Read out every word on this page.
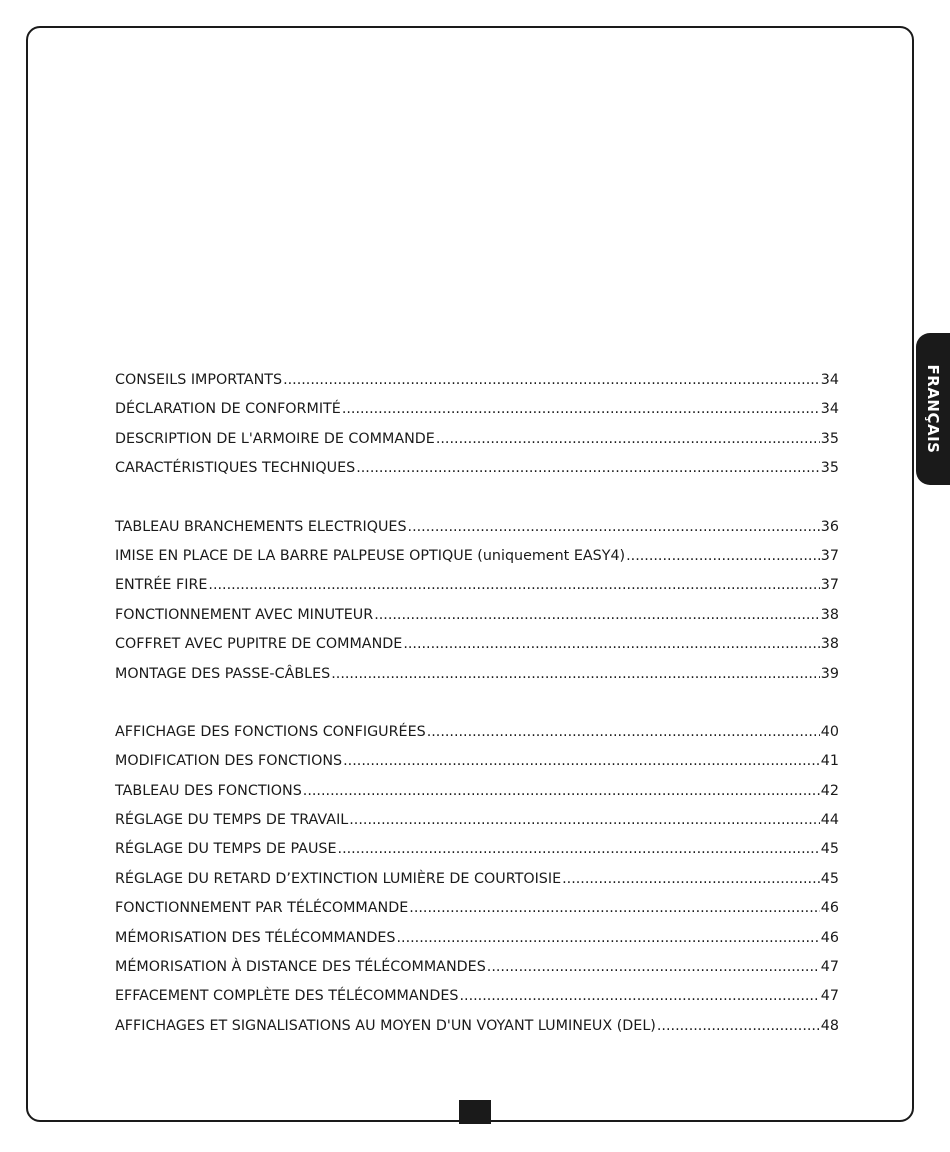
FRANÇAIS
CONSEILS IMPORTANTS .....	34
DÉCLARATION DE CONFORMITÉ .....	34
DESCRIPTION DE L'ARMOIRE DE COMMANDE .....	35
CARACTÉRISTIQUES TECHNIQUES .....	35
TABLEAU BRANCHEMENTS ELECTRIQUES .....	36
IMISE EN PLACE DE LA BARRE PALPEUSE OPTIQUE (uniquement EASY4) .....	37
ENTRÉE FIRE .....	37
FONCTIONNEMENT AVEC MINUTEUR .....	38
COFFRET AVEC PUPITRE DE COMMANDE .....	38
MONTAGE DES PASSE-CÂBLES .....	39
AFFICHAGE DES FONCTIONS CONFIGURÉES .....	40
MODIFICATION DES FONCTIONS .....	41
TABLEAU DES FONCTIONS .....	42
RÉGLAGE DU TEMPS DE TRAVAIL .....	44
RÉGLAGE DU TEMPS DE PAUSE .....	45
RÉGLAGE DU RETARD D’EXTINCTION LUMIÈRE DE COURTOISIE .....	45
FONCTIONNEMENT PAR TÉLÉCOMMANDE .....	46
MÉMORISATION DES TÉLÉCOMMANDES .....	46
MÉMORISATION À DISTANCE DES TÉLÉCOMMANDES .....	47
EFFACEMENT COMPLÈTE DES TÉLÉCOMMANDES .....	47
AFFICHAGES ET SIGNALISATIONS AU MOYEN D'UN VOYANT LUMINEUX (DEL) .....	48
